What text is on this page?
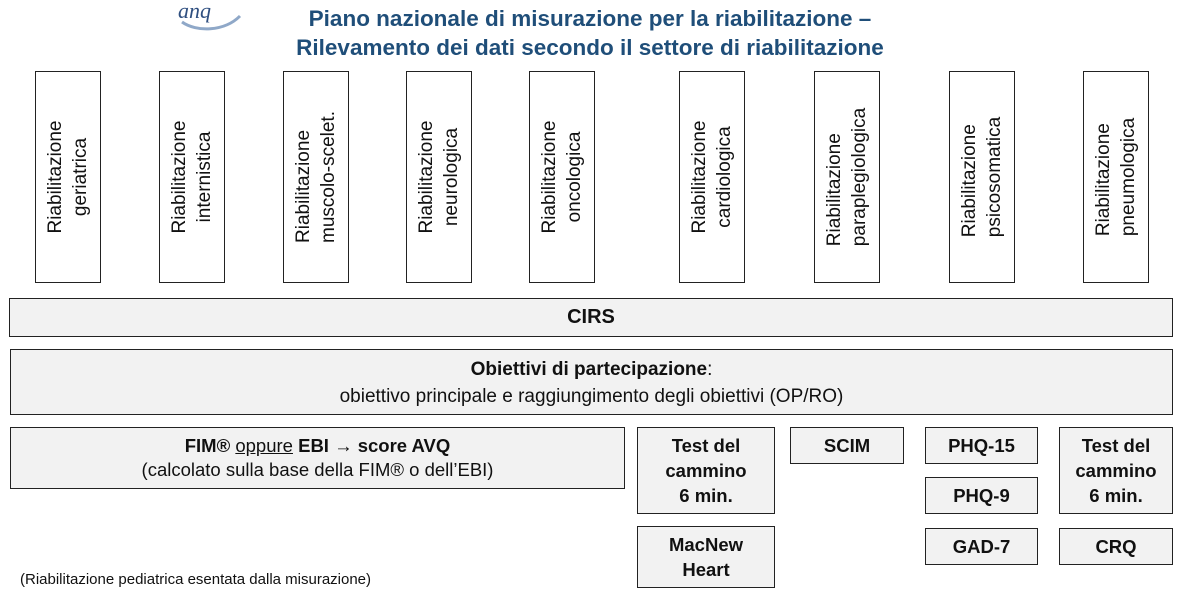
anq	Piano nazionale di misurazione per la riabilitazione –
Rilevamento dei dati secondo il settore di riabilitazione
Riabilitazione geriatrica	Riabilitazione internistica	Riabilitazione muscolo-scelet.	Riabilitazione neurologica	Riabilitazione oncologica	Riabilitazione cardiologica	Riabilitazione paraplegiologica	Riabilitazione psicosomatica	Riabilitazione pneumologica
CIRS
Obiettivi di partecipazione:
obiettivo principale e raggiungimento degli obiettivi (OP/RO)
FIM® oppure EBI → score AVQ
(calcolato sulla base della FIM® o dell’EBI)
Test del
cammino
6 min.
MacNew
Heart
SCIM	PHQ-15
PHQ-9
GAD-7
Test del
cammino
6 min.
CRQ
(Riabilitazione pediatrica esentata dalla misurazione)
